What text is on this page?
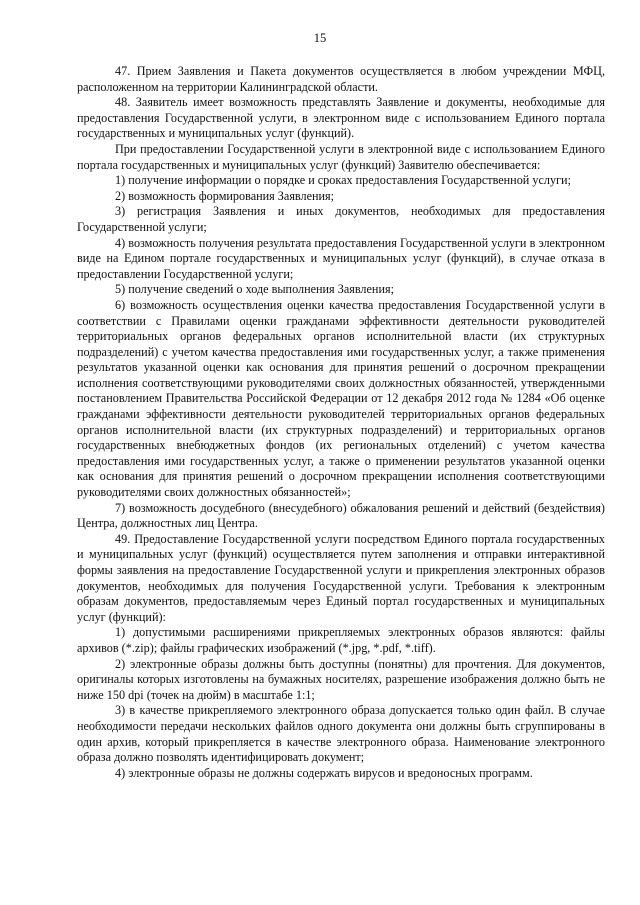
15

47. Прием Заявления и Пакета документов осуществляется в любом учреждении МФЦ, расположенном на территории Калининградской области.

48. Заявитель имеет возможность представлять Заявление и документы, необходимые для предоставления Государственной услуги, в электронном виде с использованием Единого портала государственных и муниципальных услуг (функций).

При предоставлении Государственной услуги в электронной виде с использованием Единого портала государственных и муниципальных услуг (функций) Заявителю обеспечивается:

1) получение информации о порядке и сроках предоставления Государственной услуги;

2) возможность формирования Заявления;

3) регистрация Заявления и иных документов, необходимых для предоставления Государственной услуги;

4) возможность получения результата предоставления Государственной услуги в электронном виде на Едином портале государственных и муниципальных услуг (функций), в случае отказа в предоставлении Государственной услуги;

5) получение сведений о ходе выполнения Заявления;

6) возможность осуществления оценки качества предоставления Государственной услуги в соответствии с Правилами оценки гражданами эффективности деятельности руководителей территориальных органов федеральных органов исполнительной власти (их структурных подразделений) с учетом качества предоставления ими государственных услуг, а также применения результатов указанной оценки как основания для принятия решений о досрочном прекращении исполнения соответствующими руководителями своих должностных обязанностей, утвержденными постановлением Правительства Российской Федерации от 12 декабря 2012 года № 1284 «Об оценке гражданами эффективности деятельности руководителей территориальных органов федеральных органов исполнительной власти (их структурных подразделений) и территориальных органов государственных внебюджетных фондов (их региональных отделений) с учетом качества предоставления ими государственных услуг, а также о применении результатов указанной оценки как основания для принятия решений о досрочном прекращении исполнения соответствующими руководителями своих должностных обязанностей»;

7) возможность досудебного (внесудебного) обжалования решений и действий (бездействия) Центра, должностных лиц Центра.

49. Предоставление Государственной услуги посредством Единого портала государственных и муниципальных услуг (функций) осуществляется путем заполнения и отправки интерактивной формы заявления на предоставление Государственной услуги и прикрепления электронных образов документов, необходимых для получения Государственной услуги. Требования к электронным образам документов, предоставляемым через Единый портал государственных и муниципальных услуг (функций):

1) допустимыми расширениями прикрепляемых электронных образов являются: файлы архивов (*.zip); файлы графических изображений (*.jpg, *.pdf, *.tiff).

2) электронные образы должны быть доступны (понятны) для прочтения. Для документов, оригиналы которых изготовлены на бумажных носителях, разрешение изображения должно быть не ниже 150 dpi (точек на дюйм) в масштабе 1:1;

3) в качестве прикрепляемого электронного образа допускается только один файл. В случае необходимости передачи нескольких файлов одного документа они должны быть сгруппированы в один архив, который прикрепляется в качестве электронного образа. Наименование электронного образа должно позволять идентифицировать документ;

4) электронные образы не должны содержать вирусов и вредоносных программ.
